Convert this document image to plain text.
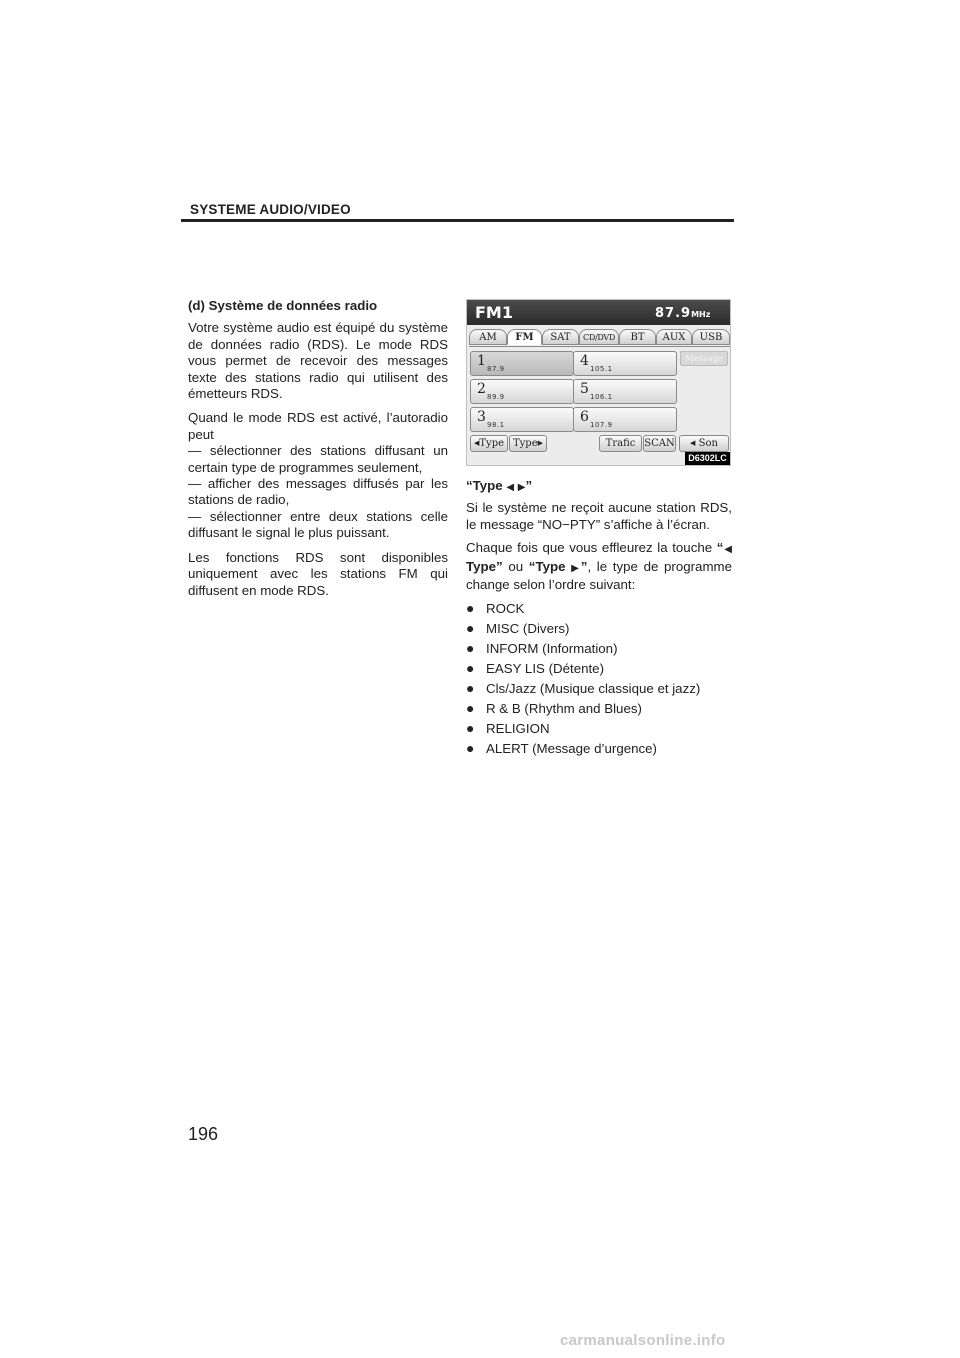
SYSTEME AUDIO/VIDEO

(d) Système de données radio

Votre système audio est équipé du système de données radio (RDS). Le mode RDS vous permet de recevoir des messages texte des stations radio qui utilisent des émetteurs RDS.

Quand le mode RDS est activé, l’autoradio peut
— sélectionner des stations diffusant un certain type de programmes seulement,
— afficher des messages diffusés par les stations de radio,
— sélectionner entre deux stations celle diffusant le signal le plus puissant.

Les fonctions RDS sont disponibles uniquement avec les stations FM qui diffusent en mode RDS.

FM1	87.9MHz
AM	FM	SAT	CD/DVD	BT	AUX	USB
1 87.9
2 89.9
3 98.1
4 105.1
5 106.1
6 107.9
Message
◀Type Type▶	Trafic SCAN	◀ Son
D6302LC

“Type ◀ ▶”

Si le système ne reçoit aucune station RDS, le message “NO−PTY” s’affiche à l’écran.

Chaque fois que vous effleurez la touche “◀ Type” ou “Type ▶”, le type de programme change selon l’ordre suivant:

● ROCK
● MISC (Divers)
● INFORM (Information)
● EASY LIS (Détente)
● Cls/Jazz (Musique classique et jazz)
● R & B (Rhythm and Blues)
● RELIGION
● ALERT (Message d’urgence)
196
carmanualsonline.info
